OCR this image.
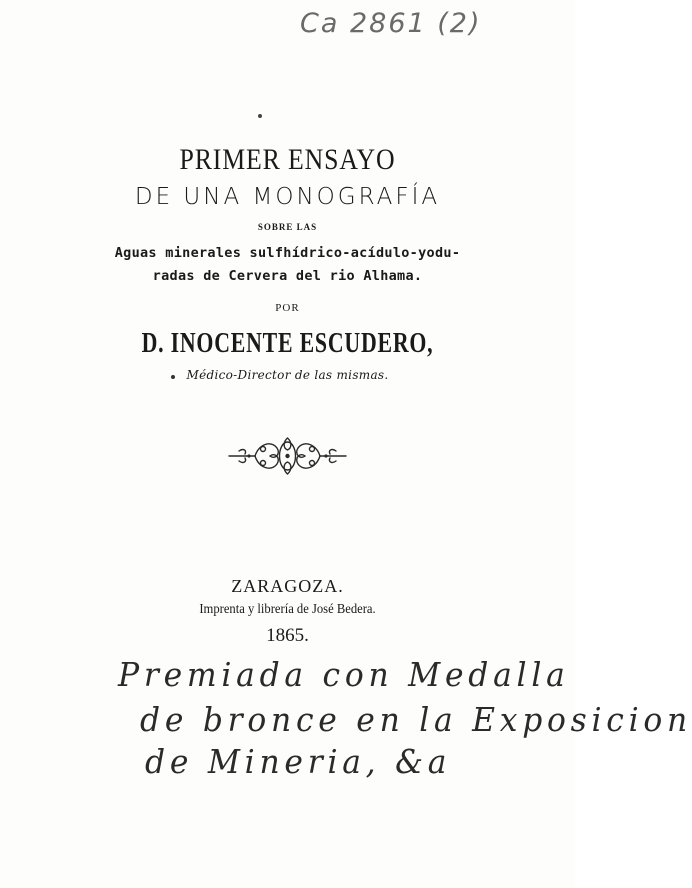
Ca 2861 (2)
PRIMER ENSAYO
DE UNA MONOGRAFÍA
SOBRE LAS
Aguas minerales sulfhídrico-acídulo-yodu-
radas de Cervera del rio Alhama.
POR
D. INOCENTE ESCUDERO,
Médico-Director de las mismas.
ZARAGOZA.
Imprenta y librería de José Bedera.
1865.
Premiada con Medalla
de bronce en la Exposicion
de Mineria, &a
